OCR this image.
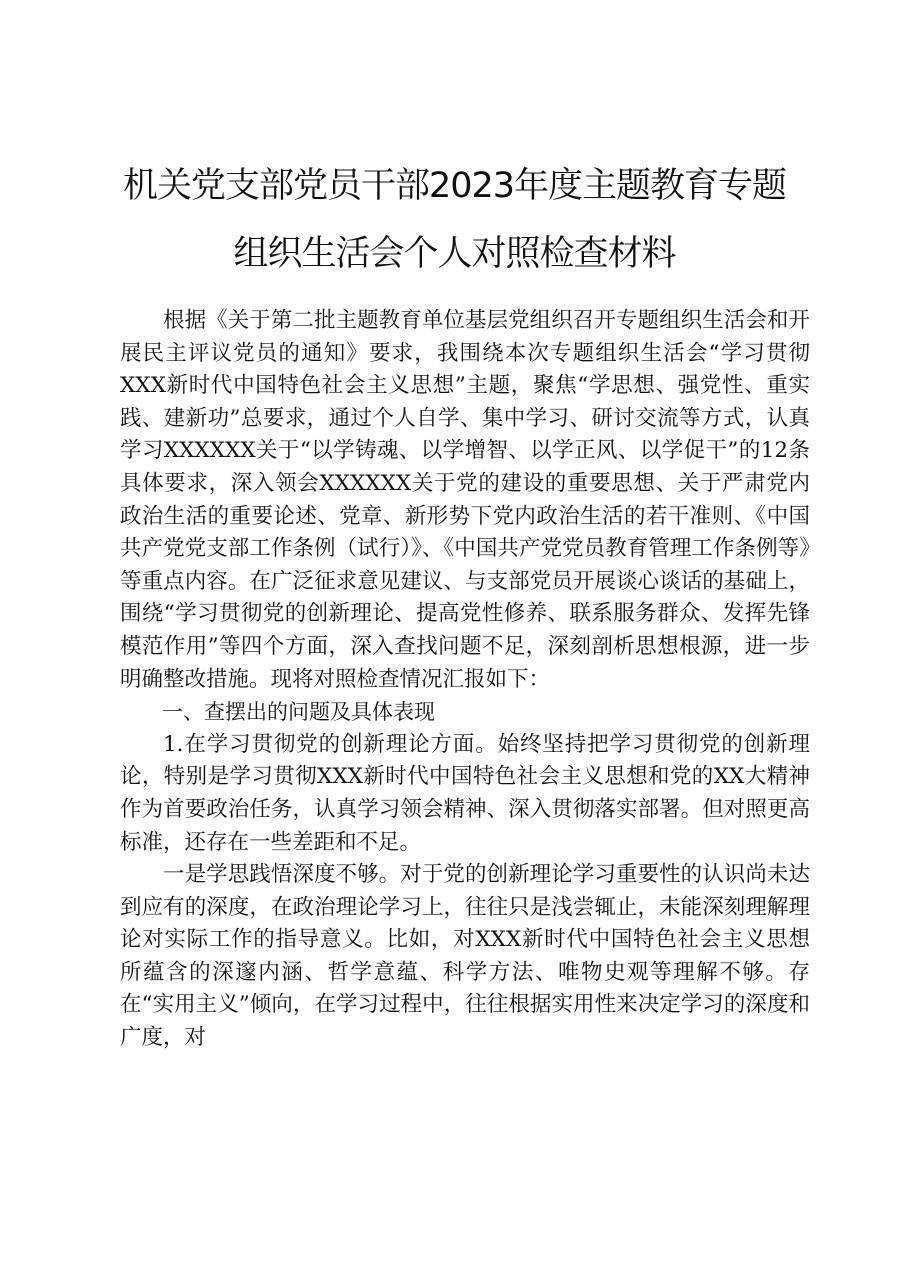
机关党支部党员干部2023年度主题教育专题
组织生活会个人对照检查材料

根据《关于第二批主题教育单位基层党组织召开专题组织生活会和开展民主评议党员的通知》要求，我围绕本次专题组织生活会“学习贯彻XXX新时代中国特色社会主义思想”主题，聚焦“学思想、强党性、重实践、建新功”总要求，通过个人自学、集中学习、研讨交流等方式，认真学习XXXXXX关于“以学铸魂、以学增智、以学正风、以学促干”的12条具体要求，深入领会XXXXXX关于党的建设的重要思想、关于严肃党内政治生活的重要论述、党章、新形势下党内政治生活的若干准则、《中国共产党党支部工作条例（试行）》、《中国共产党党员教育管理工作条例等》等重点内容。在广泛征求意见建议、与支部党员开展谈心谈话的基础上，围绕“学习贯彻党的创新理论、提高党性修养、联系服务群众、发挥先锋模范作用”等四个方面，深入查找问题不足，深刻剖析思想根源，进一步明确整改措施。现将对照检查情况汇报如下：

一、查摆出的问题及具体表现

1.在学习贯彻党的创新理论方面。始终坚持把学习贯彻党的创新理论，特别是学习贯彻XXX新时代中国特色社会主义思想和党的XX大精神作为首要政治任务，认真学习领会精神、深入贯彻落实部署。但对照更高标准，还存在一些差距和不足。

一是学思践悟深度不够。对于党的创新理论学习重要性的认识尚未达到应有的深度，在政治理论学习上，往往只是浅尝辄止，未能深刻理解理论对实际工作的指导意义。比如，对XXX新时代中国特色社会主义思想所蕴含的深邃内涵、哲学意蕴、科学方法、唯物史观等理解不够。存在“实用主义”倾向，在学习过程中，往往根据实用性来决定学习的深度和广度，对
